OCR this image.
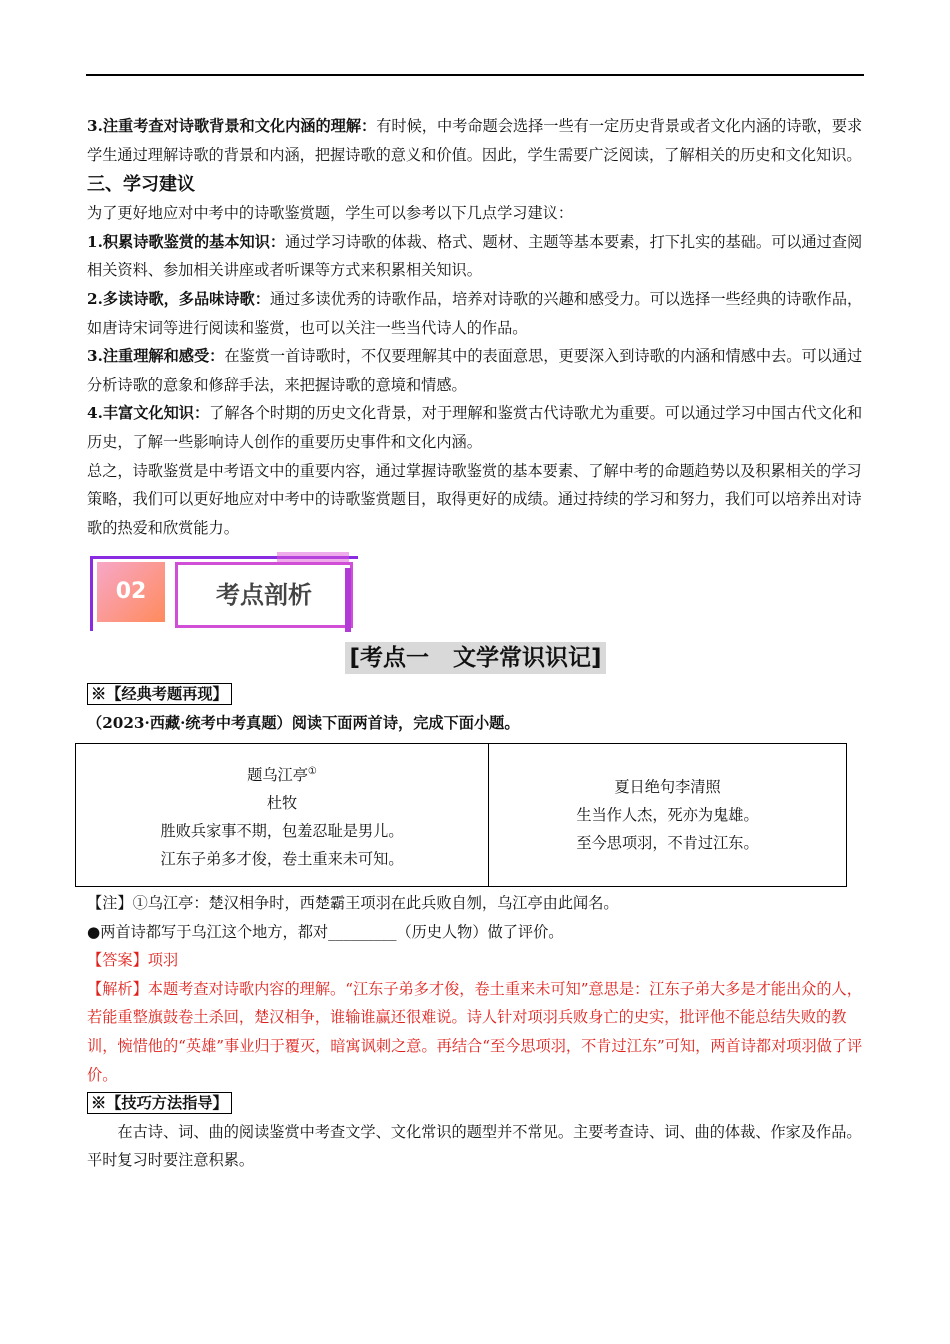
3.注重考查对诗歌背景和文化内涵的理解：有时候，中考命题会选择一些有一定历史背景或者文化内涵的诗歌，要求学生通过理解诗歌的背景和内涵，把握诗歌的意义和价值。因此，学生需要广泛阅读，了解相关的历史和文化知识。

三、学习建议

为了更好地应对中考中的诗歌鉴赏题，学生可以参考以下几点学习建议：

1.积累诗歌鉴赏的基本知识：通过学习诗歌的体裁、格式、题材、主题等基本要素，打下扎实的基础。可以通过查阅相关资料、参加相关讲座或者听课等方式来积累相关知识。

2.多读诗歌，多品味诗歌：通过多读优秀的诗歌作品，培养对诗歌的兴趣和感受力。可以选择一些经典的诗歌作品，如唐诗宋词等进行阅读和鉴赏，也可以关注一些当代诗人的作品。

3.注重理解和感受：在鉴赏一首诗歌时，不仅要理解其中的表面意思，更要深入到诗歌的内涵和情感中去。可以通过分析诗歌的意象和修辞手法，来把握诗歌的意境和情感。

4.丰富文化知识：了解各个时期的历史文化背景，对于理解和鉴赏古代诗歌尤为重要。可以通过学习中国古代文化和历史，了解一些影响诗人创作的重要历史事件和文化内涵。

总之，诗歌鉴赏是中考语文中的重要内容，通过掌握诗歌鉴赏的基本要素、了解中考的命题趋势以及积累相关的学习策略，我们可以更好地应对中考中的诗歌鉴赏题目，取得更好的成绩。通过持续的学习和努力，我们可以培养出对诗歌的热爱和欣赏能力。

02	考点剖析
[考点一   文学常识识记]
※【经典考题再现】

（2023·西藏·统考中考真题）阅读下面两首诗，完成下面小题。

题乌江亭①
杜牧
胜败兵家事不期，包羞忍耻是男儿。
江东子弟多才俊，卷土重来未可知。

夏日绝句李清照
生当作人杰，死亦为鬼雄。
至今思项羽，不肯过江东。

【注】①乌江亭：楚汉相争时，西楚霸王项羽在此兵败自刎，乌江亭由此闻名。

●两首诗都写于乌江这个地方，都对_________（历史人物）做了评价。

【答案】项羽

【解析】本题考查对诗歌内容的理解。“江东子弟多才俊，卷土重来未可知”意思是：江东子弟大多是才能出众的人，若能重整旗鼓卷土杀回，楚汉相争，谁输谁赢还很难说。诗人针对项羽兵败身亡的史实，批评他不能总结失败的教训，惋惜他的“英雄”事业归于覆灭，暗寓讽刺之意。再结合“至今思项羽，不肯过江东”可知，两首诗都对项羽做了评价。

※【技巧方法指导】

在古诗、词、曲的阅读鉴赏中考查文学、文化常识的题型并不常见。主要考查诗、词、曲的体裁、作家及作品。平时复习时要注意积累。
